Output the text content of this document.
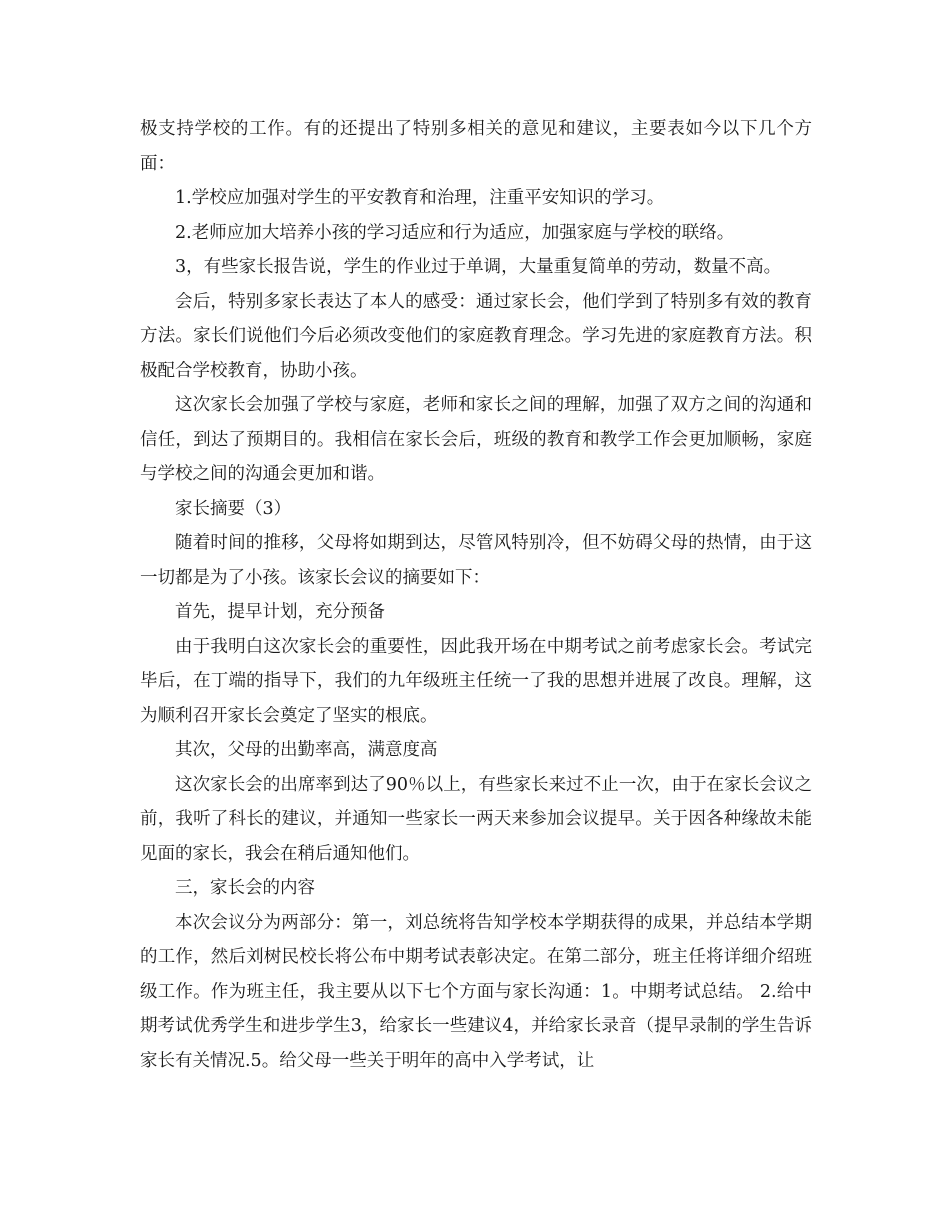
极支持学校的工作。有的还提出了特别多相关的意见和建议，主要表如今以下几个方面：

1.学校应加强对学生的平安教育和治理，注重平安知识的学习。

2.老师应加大培养小孩的学习适应和行为适应，加强家庭与学校的联络。

3，有些家长报告说，学生的作业过于单调，大量重复简单的劳动，数量不高。

会后，特别多家长表达了本人的感受：通过家长会，他们学到了特别多有效的教育方法。家长们说他们今后必须改变他们的家庭教育理念。学习先进的家庭教育方法。积极配合学校教育，协助小孩。

这次家长会加强了学校与家庭，老师和家长之间的理解，加强了双方之间的沟通和信任，到达了预期目的。我相信在家长会后，班级的教育和教学工作会更加顺畅，家庭与学校之间的沟通会更加和谐。

家长摘要（3）

随着时间的推移，父母将如期到达，尽管风特别冷，但不妨碍父母的热情，由于这一切都是为了小孩。该家长会议的摘要如下：

首先，提早计划，充分预备

由于我明白这次家长会的重要性，因此我开场在中期考试之前考虑家长会。考试完毕后，在丁端的指导下，我们的九年级班主任统一了我的思想并进展了改良。理解，这为顺利召开家长会奠定了坚实的根底。

其次，父母的出勤率高，满意度高

这次家长会的出席率到达了90％以上，有些家长来过不止一次，由于在家长会议之前，我听了科长的建议，并通知一些家长一两天来参加会议提早。关于因各种缘故未能见面的家长，我会在稍后通知他们。

三，家长会的内容

本次会议分为两部分：第一，刘总统将告知学校本学期获得的成果，并总结本学期的工作，然后刘树民校长将公布中期考试表彰决定。在第二部分，班主任将详细介绍班级工作。作为班主任，我主要从以下七个方面与家长沟通：1。中期考试总结。 2.给中期考试优秀学生和进步学生3，给家长一些建议4，并给家长录音（提早录制的学生告诉家长有关情况.5。给父母一些关于明年的高中入学考试，让
